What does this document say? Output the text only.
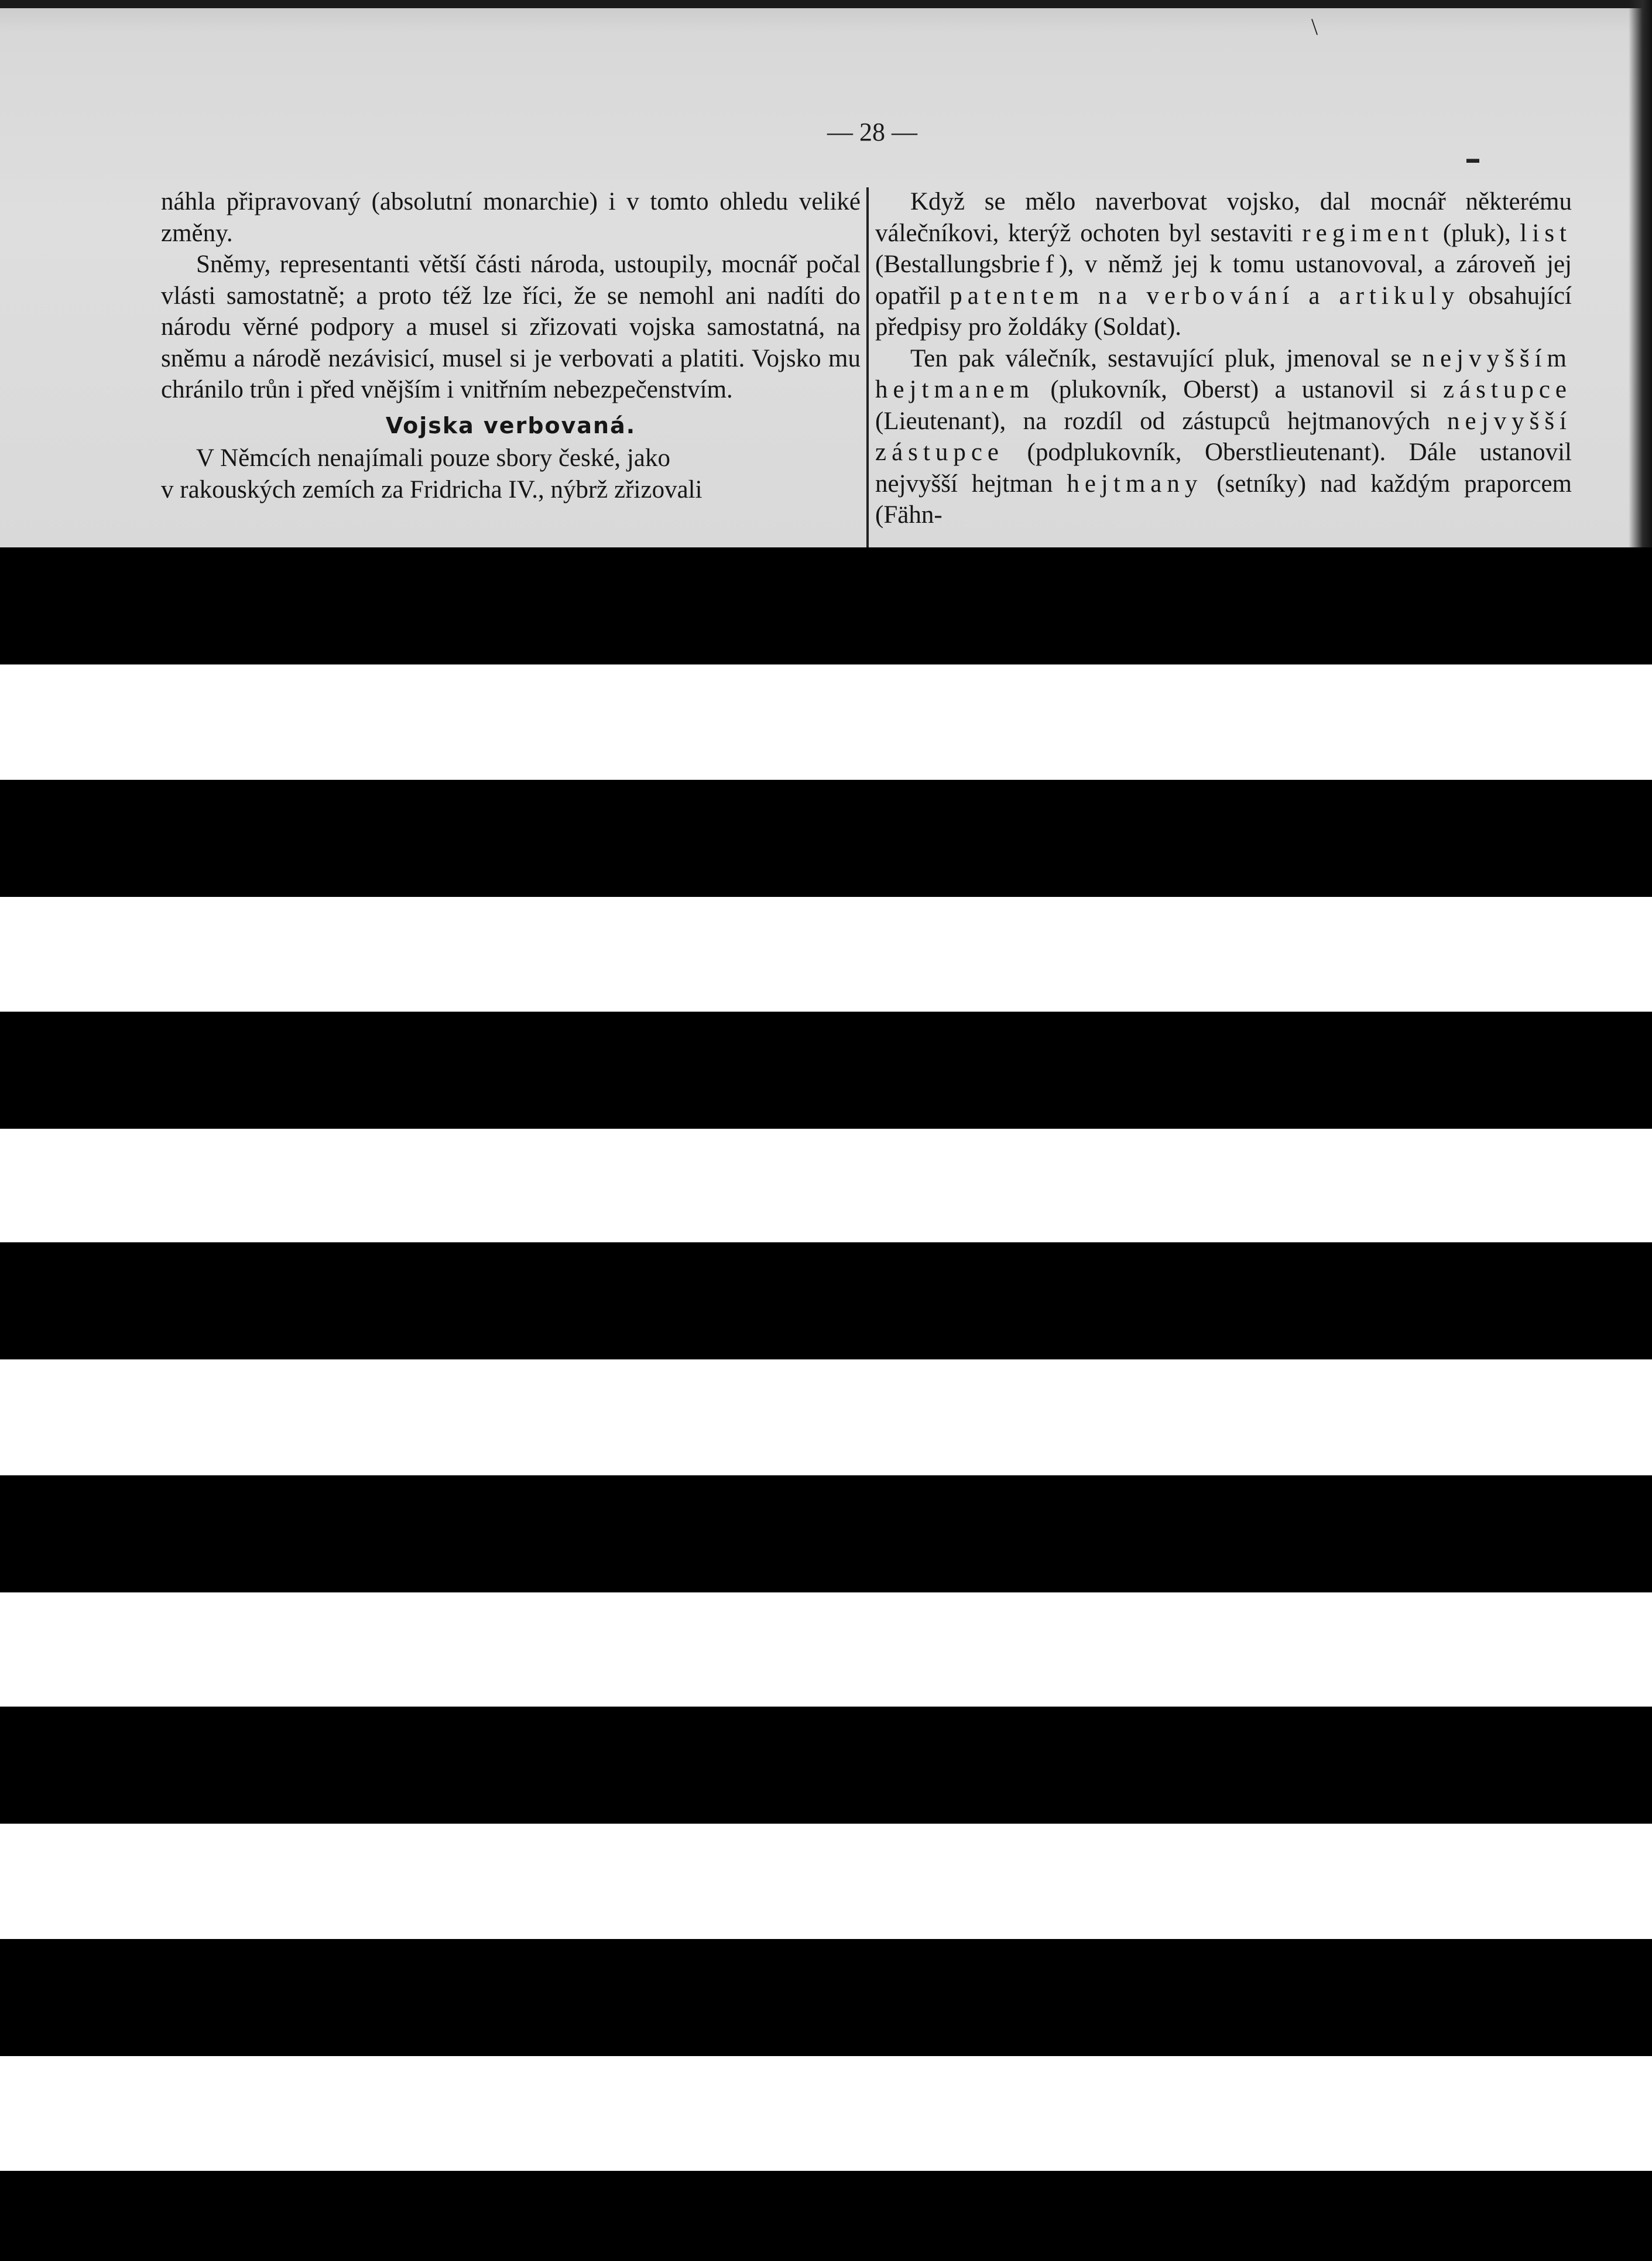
\
▬
— 28 —

náhla připravovaný (absolutní monarchie) i v tomto ohledu veliké změny.

Sněmy, representanti větší části národa, ustoupily, mocnář počal vlásti samostatně; a proto též lze říci, že se nemohl ani nadíti do národu věrné podpory a musel si zřizovati vojska samostatná, na sněmu a národě nezávisicí, musel si je verbovati a platiti. Vojsko mu chránilo trůn i před vnějším i vnitřním nebezpečenstvím.

Vojska verbovaná.

V Němcích nenajímali pouze sbory české, jako
v rakouských zemích za Fridricha IV., nýbrž zřizovali

Když se mělo naverbovat vojsko, dal mocnář některému válečníkovi, kterýž ochoten byl sestaviti regiment (pluk), list (Bestallungsbrief), v němž jej k tomu ustanovoval, a zároveň jej opatřil patentem na verbování a artikuly obsahující předpisy pro žoldáky (Soldat).

Ten pak válečník, sestavující pluk, jmenoval se nejvyšším hejtmanem (plukovník, Oberst) a ustanovil si zástupce (Lieutenant), na rozdíl od zástupců hejtmanových nejvyšší zástupce (podplukovník, Oberstlieutenant). Dále ustanovil nejvyšší hejtman hejtmany (setníky) nad každým praporcem (Fähn-
